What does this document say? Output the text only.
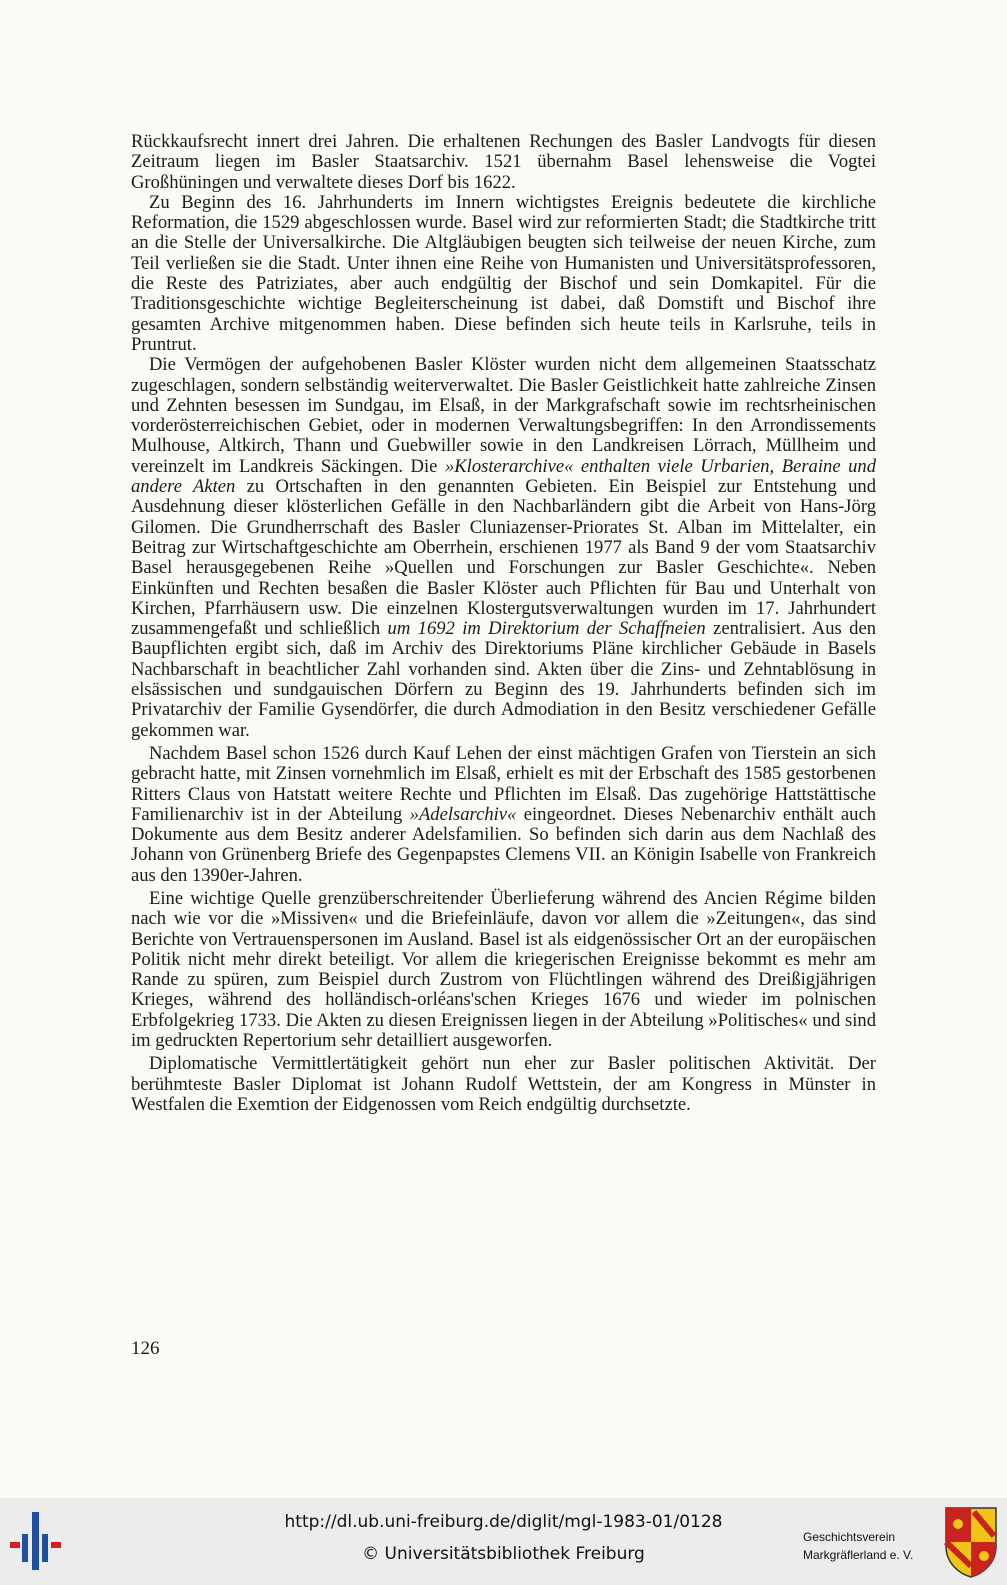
Rückkaufsrecht innert drei Jahren. Die erhaltenen Rechungen des Basler Landvogts für diesen Zeitraum liegen im Basler Staatsarchiv. 1521 übernahm Basel lehensweise die Vogtei Großhüningen und verwaltete dieses Dorf bis 1622.

Zu Beginn des 16. Jahrhunderts im Innern wichtigstes Ereignis bedeutete die kirchliche Reformation, die 1529 abgeschlossen wurde. Basel wird zur reformierten Stadt; die Stadtkirche tritt an die Stelle der Universalkirche. Die Altgläubigen beugten sich teilweise der neuen Kirche, zum Teil verließen sie die Stadt. Unter ihnen eine Reihe von Humanisten und Universitätsprofessoren, die Reste des Patriziates, aber auch endgültig der Bischof und sein Domkapitel. Für die Traditionsgeschichte wichtige Begleiterscheinung ist dabei, daß Domstift und Bischof ihre gesamten Archive mitgenommen haben. Diese befinden sich heute teils in Karlsruhe, teils in Pruntrut.

Die Vermögen der aufgehobenen Basler Klöster wurden nicht dem allgemeinen Staatsschatz zugeschlagen, sondern selbständig weiterverwaltet. Die Basler Geistlichkeit hatte zahlreiche Zinsen und Zehnten besessen im Sundgau, im Elsaß, in der Markgrafschaft sowie im rechtsrheinischen vorderösterreichischen Gebiet, oder in modernen Verwaltungsbegriffen: In den Arrondissements Mulhouse, Altkirch, Thann und Guebwiller sowie in den Landkreisen Lörrach, Müllheim und vereinzelt im Landkreis Säckingen. Die »Klosterarchive« enthalten viele Urbarien, Beraine und andere Akten zu Ortschaften in den genannten Gebieten. Ein Beispiel zur Entstehung und Ausdehnung dieser klösterlichen Gefälle in den Nachbarländern gibt die Arbeit von Hans-Jörg Gilomen. Die Grundherrschaft des Basler Cluniazenser-Priorates St. Alban im Mittelalter, ein Beitrag zur Wirtschaftgeschichte am Oberrhein, erschienen 1977 als Band 9 der vom Staatsarchiv Basel herausgegebenen Reihe »Quellen und Forschungen zur Basler Geschichte«. Neben Einkünften und Rechten besaßen die Basler Klöster auch Pflichten für Bau und Unterhalt von Kirchen, Pfarrhäusern usw. Die einzelnen Klostergutsverwaltungen wurden im 17. Jahrhundert zusammengefaßt und schließlich um 1692 im Direktorium der Schaffneien zentralisiert. Aus den Baupflichten ergibt sich, daß im Archiv des Direktoriums Pläne kirchlicher Gebäude in Basels Nachbarschaft in beachtlicher Zahl vorhanden sind. Akten über die Zins- und Zehntablösung in elsässischen und sundgauischen Dörfern zu Beginn des 19. Jahrhunderts befinden sich im Privatarchiv der Familie Gysendörfer, die durch Admodiation in den Besitz verschiedener Gefälle gekommen war.

Nachdem Basel schon 1526 durch Kauf Lehen der einst mächtigen Grafen von Tierstein an sich gebracht hatte, mit Zinsen vornehmlich im Elsaß, erhielt es mit der Erbschaft des 1585 gestorbenen Ritters Claus von Hatstatt weitere Rechte und Pflichten im Elsaß. Das zugehörige Hattstättische Familienarchiv ist in der Abteilung »Adelsarchiv« eingeordnet. Dieses Nebenarchiv enthält auch Dokumente aus dem Besitz anderer Adelsfamilien. So befinden sich darin aus dem Nachlaß des Johann von Grünenberg Briefe des Gegenpapstes Clemens VII. an Königin Isabelle von Frankreich aus den 1390er-Jahren.

Eine wichtige Quelle grenzüberschreitender Überlieferung während des Ancien Régime bilden nach wie vor die »Missiven« und die Briefeinläufe, davon vor allem die »Zeitungen«, das sind Berichte von Vertrauenspersonen im Ausland. Basel ist als eidgenössischer Ort an der europäischen Politik nicht mehr direkt beteiligt. Vor allem die kriegerischen Ereignisse bekommt es mehr am Rande zu spüren, zum Beispiel durch Zustrom von Flüchtlingen während des Dreißigjährigen Krieges, während des holländisch-orléans'schen Krieges 1676 und wieder im polnischen Erbfolgekrieg 1733. Die Akten zu diesen Ereignissen liegen in der Abteilung »Politisches« und sind im gedruckten Repertorium sehr detailliert ausgeworfen.

Diplomatische Vermittlertätigkeit gehört nun eher zur Basler politischen Aktivität. Der berühmteste Basler Diplomat ist Johann Rudolf Wettstein, der am Kongress in Münster in Westfalen die Exemtion der Eidgenossen vom Reich endgültig durchsetzte.

126
http://dl.ub.uni-freiburg.de/diglit/mgl-1983-01/0128
© Universitätsbibliothek Freiburg
Geschichtsverein
Markgräflerland e. V.
